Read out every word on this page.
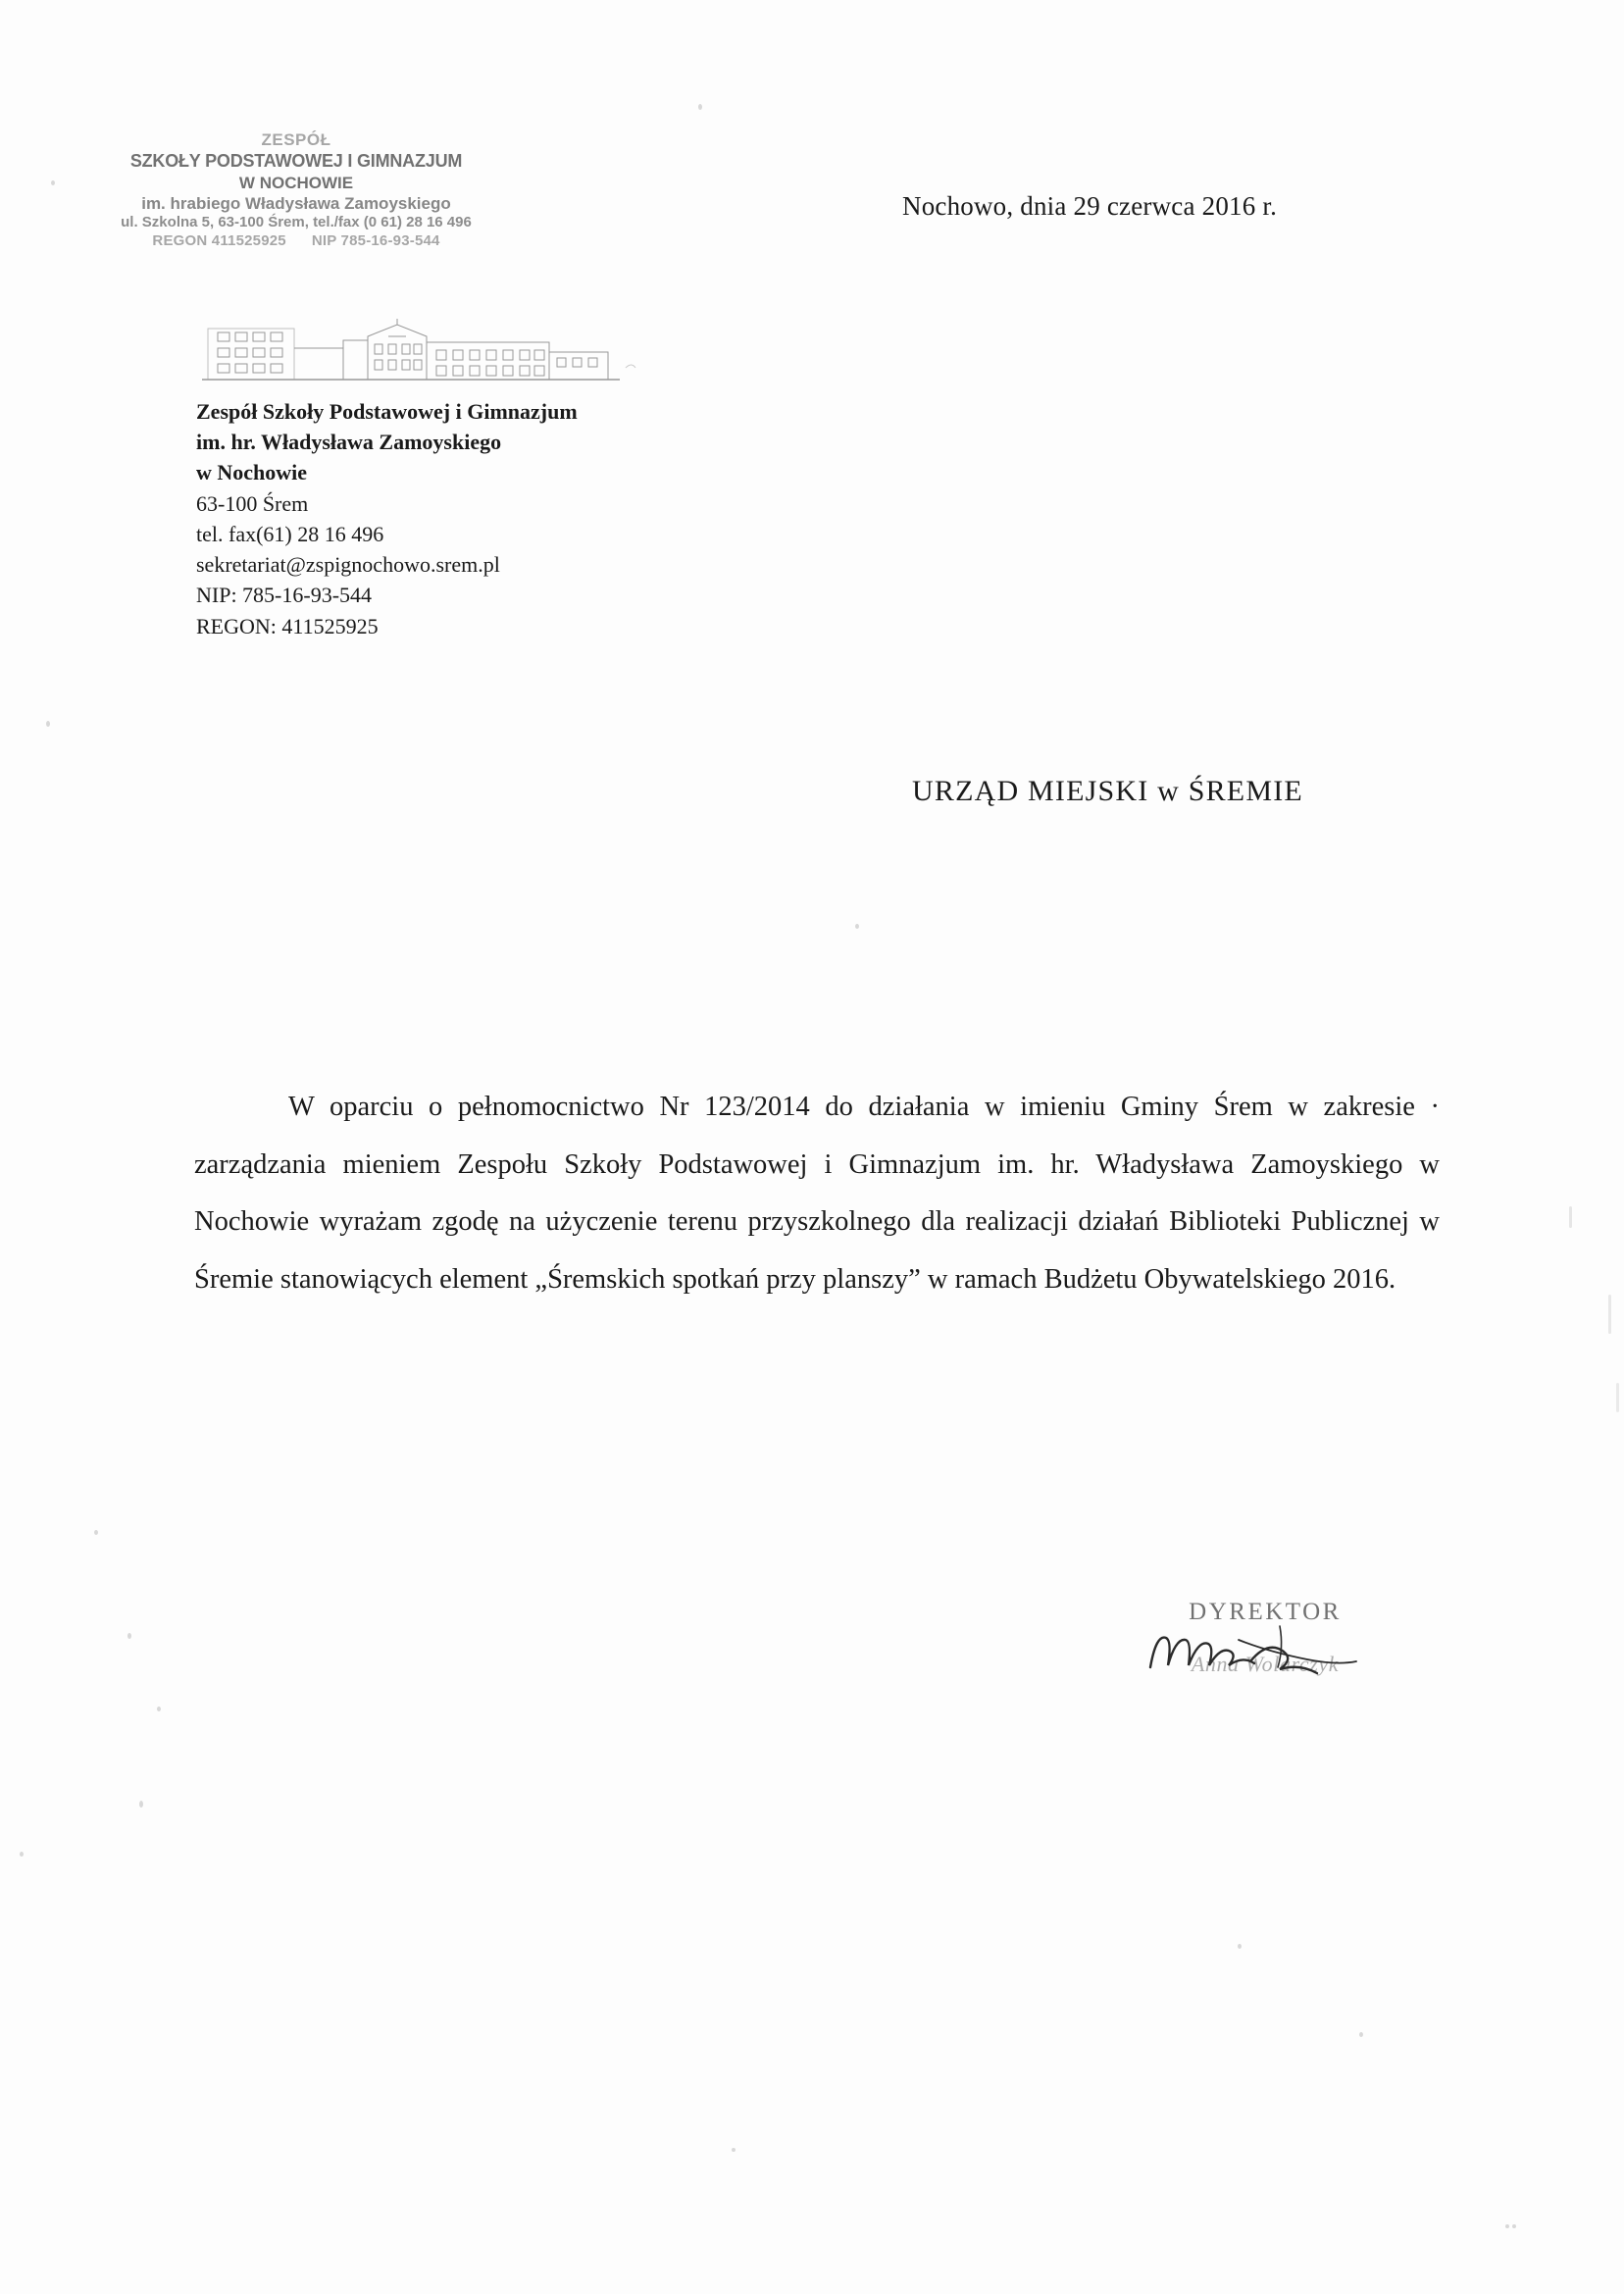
ZESPÓŁ
SZKOŁY PODSTAWOWEJ I GIMNAZJUM
W NOCHOWIE
im. hrabiego Władysława Zamoyskiego
ul. Szkolna 5, 63-100 Śrem, tel./fax (0 61) 28 16 496
REGON 411525925 NIP 785-16-93-544
Nochowo, dnia 29 czerwca 2016 r.
Zespół Szkoły Podstawowej i Gimnazjum
im. hr. Władysława Zamoyskiego
w Nochowie
63-100 Śrem
tel. fax(61) 28 16 496
sekretariat@zspignochowo.srem.pl
NIP: 785-16-93-544
REGON: 411525925
URZĄD MIEJSKI w ŚREMIE
W oparciu o pełnomocnictwo Nr 123/2014 do działania w imieniu Gminy Śrem w zakresie · zarządzania mieniem Zespołu Szkoły Podstawowej i Gimnazjum im. hr. Władysława Zamoyskiego w Nochowie wyrażam zgodę na użyczenie terenu przyszkolnego dla realizacji działań Biblioteki Publicznej w Śremie stanowiących element „Śremskich spotkań przy planszy” w ramach Budżetu Obywatelskiego 2016.
DYREKTOR
Anna Wolarczyk
